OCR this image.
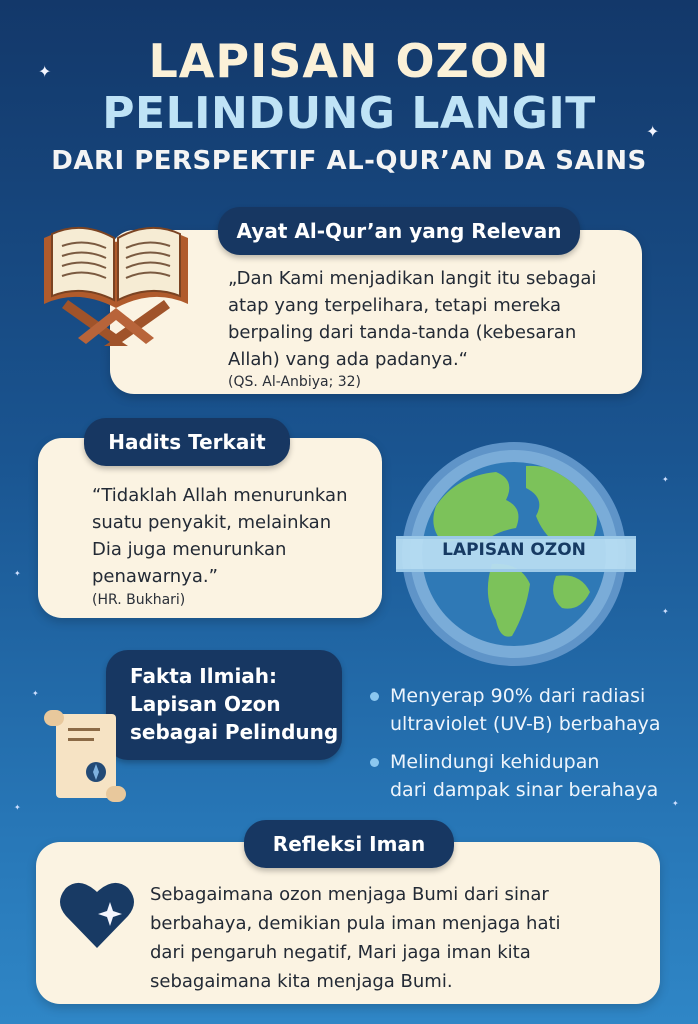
✦
✦
✦
✦
✦
✦
✦	✦
LAPISAN OZON
PELINDUNG LANGIT
DARI PERSPEKTIF AL-QUR’AN DA SAINS
„Dan Kami menjadikan langit itu sebagai
atap yang terpelihara, tetapi mereka
berpaling dari tanda-tanda (kebesaran
Allah) vang ada padanya.“
(QS. Al-Anbiya; 32)
Ayat Al-Qur’an yang Relevan
“Tidaklah Allah menurunkan
suatu penyakit, melainkan
Dia juga menurunkan
penawarnya.”
(HR. Bukhari)
Hadits Terkait
LAPISAN OZON
Fakta Ilmiah:
Lapisan Ozon
sebagai Pelindung
Menyerap 90% dari radiasi
ultraviolet (UV-B) berbahaya
Melindungi kehidupan
dari dampak sinar berahaya
Sebagaimana ozon menjaga Bumi dari sinar
berbahaya, demikian pula iman menjaga hati
dari pengaruh negatif, Mari jaga iman kita
sebagaimana kita menjaga Bumi.
Refleksi Iman
